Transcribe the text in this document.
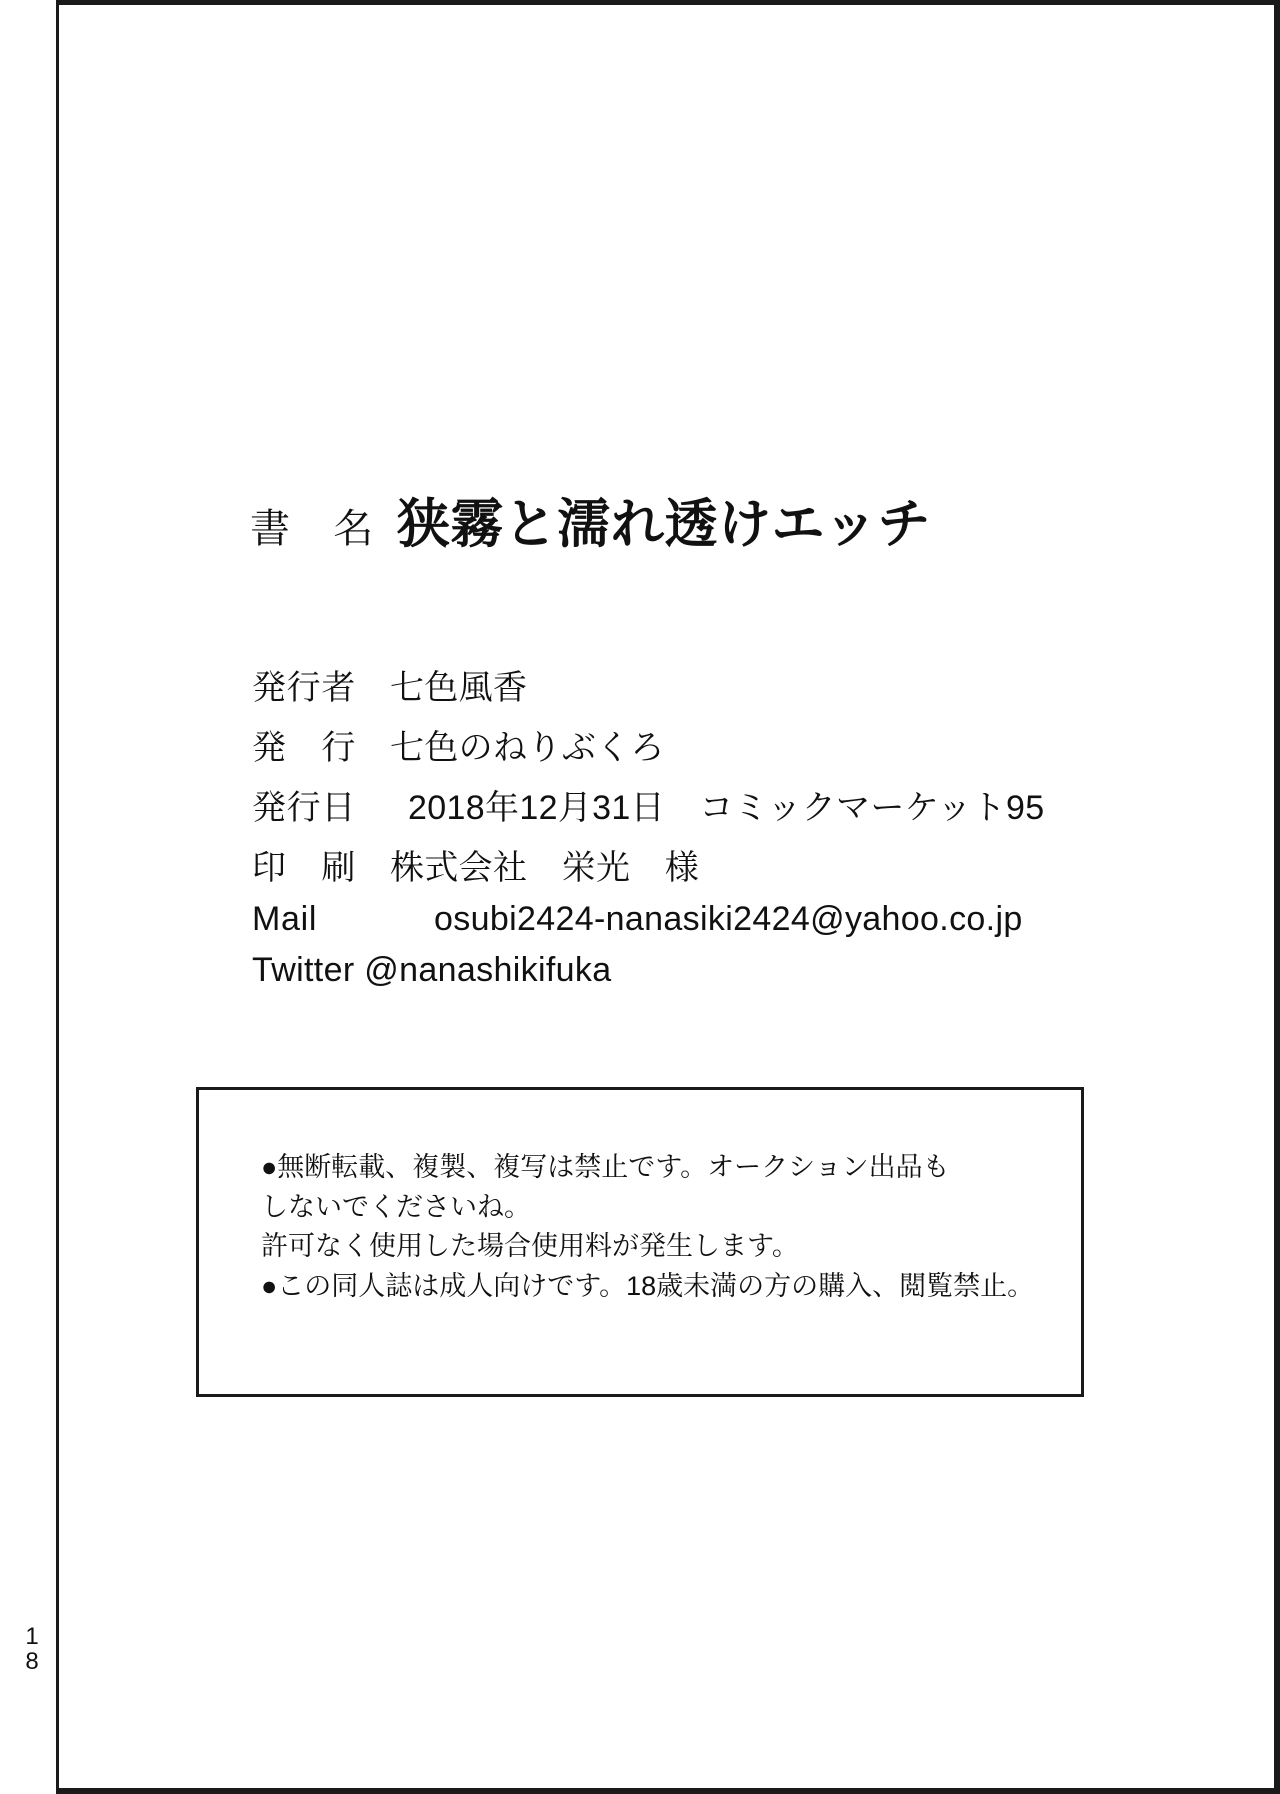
書　名 狭霧と濡れ透けエッチ
発行者 七色風香
発　行 七色のねりぶくろ
発行日	2018年12月31日　コミックマーケット95
印　刷 株式会社　栄光　様
Mail	osubi2424-nanasiki2424@yahoo.co.jp
Twitter @nanashikifuka
●無断転載、複製、複写は禁止です。オークション出品も
しないでくださいね。
許可なく使用した場合使用料が発生します。
●この同人誌は成人向けです。18歳未満の方の購入、閲覧禁止。
1
8
